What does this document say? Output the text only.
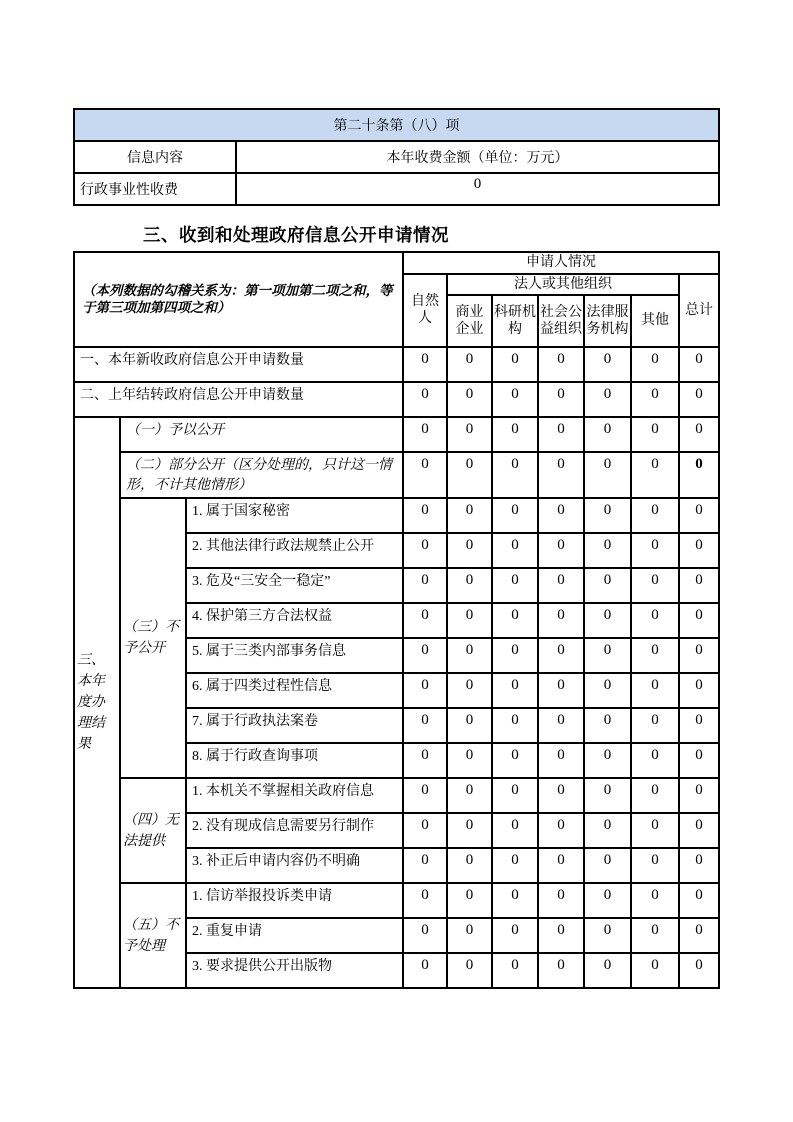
第二十条第（八）项	
信息内容	本年收费金额（单位：万元）
行政事业性收费	0
三、收到和处理政府信息公开申请情况
（本列数据的勾稽关系为：第一项加第二项之和，等于第三项加第四项之和）			申请人情况						
			自然人	法人或其他组织					总计
				商业企业	科研机构	社会公益组织	法律服务机构	其他	
一、本年新收政府信息公开申请数量			0	0	0	0	0	0	0
二、上年结转政府信息公开申请数量			0	0	0	0	0	0	0
三、本年度办理结果	（一）予以公开		0	0	0	0	0	0	0
	（二）部分公开（区分处理的，只计这一情形，不计其他情形）		0	0	0	0	0	0	0
	（三）不予公开	1. 属于国家秘密	0	0	0	0	0	0	0
		2. 其他法律行政法规禁止公开	0	0	0	0	0	0	0
		3. 危及“三安全一稳定”	0	0	0	0	0	0	0
		4. 保护第三方合法权益	0	0	0	0	0	0	0
		5. 属于三类内部事务信息	0	0	0	0	0	0	0
		6. 属于四类过程性信息	0	0	0	0	0	0	0
		7. 属于行政执法案卷	0	0	0	0	0	0	0
		8. 属于行政查询事项	0	0	0	0	0	0	0
	（四）无法提供	1. 本机关不掌握相关政府信息	0	0	0	0	0	0	0
		2. 没有现成信息需要另行制作	0	0	0	0	0	0	0
		3. 补正后申请内容仍不明确	0	0	0	0	0	0	0
	（五）不予处理	1. 信访举报投诉类申请	0	0	0	0	0	0	0
		2. 重复申请	0	0	0	0	0	0	0
		3. 要求提供公开出版物	0	0	0	0	0	0	0
